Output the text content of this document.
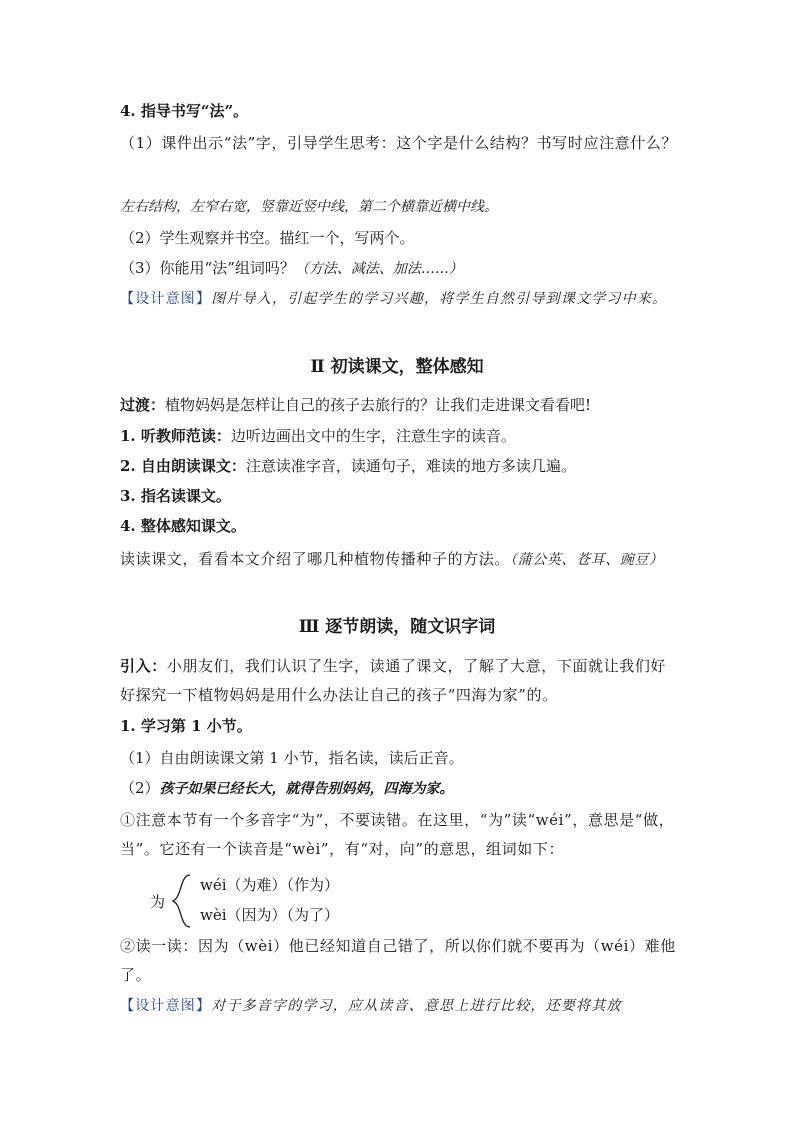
4. 指导书写“法”。
（1）课件出示“法”字，引导学生思考：这个字是什么结构？书写时应注意什么？
左右结构，左窄右宽，竖靠近竖中线，第二个横靠近横中线。
（2）学生观察并书空。描红一个，写两个。
（3）你能用“法”组词吗？（方法、减法、加法……）
【设计意图】图片导入，引起学生的学习兴趣，将学生自然引导到课文学习中来。
Ⅱ 初读课文，整体感知
过渡：植物妈妈是怎样让自己的孩子去旅行的？让我们走进课文看看吧!
1. 听教师范读：边听边画出文中的生字，注意生字的读音。
2. 自由朗读课文：注意读准字音，读通句子，难读的地方多读几遍。
3. 指名读课文。
4. 整体感知课文。
读读课文，看看本文介绍了哪几种植物传播种子的方法。（蒲公英、苍耳、豌豆）
Ⅲ 逐节朗读，随文识字词
引入：小朋友们，我们认识了生字，读通了课文，了解了大意，下面就让我们好好探究一下植物妈妈是用什么办法让自己的孩子“四海为家”的。
1. 学习第 1 小节。
（1）自由朗读课文第 1 小节，指名读，读后正音。
（2）孩子如果已经长大，就得告别妈妈，四海为家。
①注意本节有一个多音字“为”，不要读错。在这里，“为”读“wéi”，意思是“做，当”。它还有一个读音是“wèi”，有“对，向”的意思，组词如下：
为
wéi（为难）（作为）
wèi（因为）（为了）
②读一读：因为（wèi）他已经知道自己错了，所以你们就不要再为（wéi）难他了。
【设计意图】对于多音字的学习，应从读音、意思上进行比较，还要将其放
